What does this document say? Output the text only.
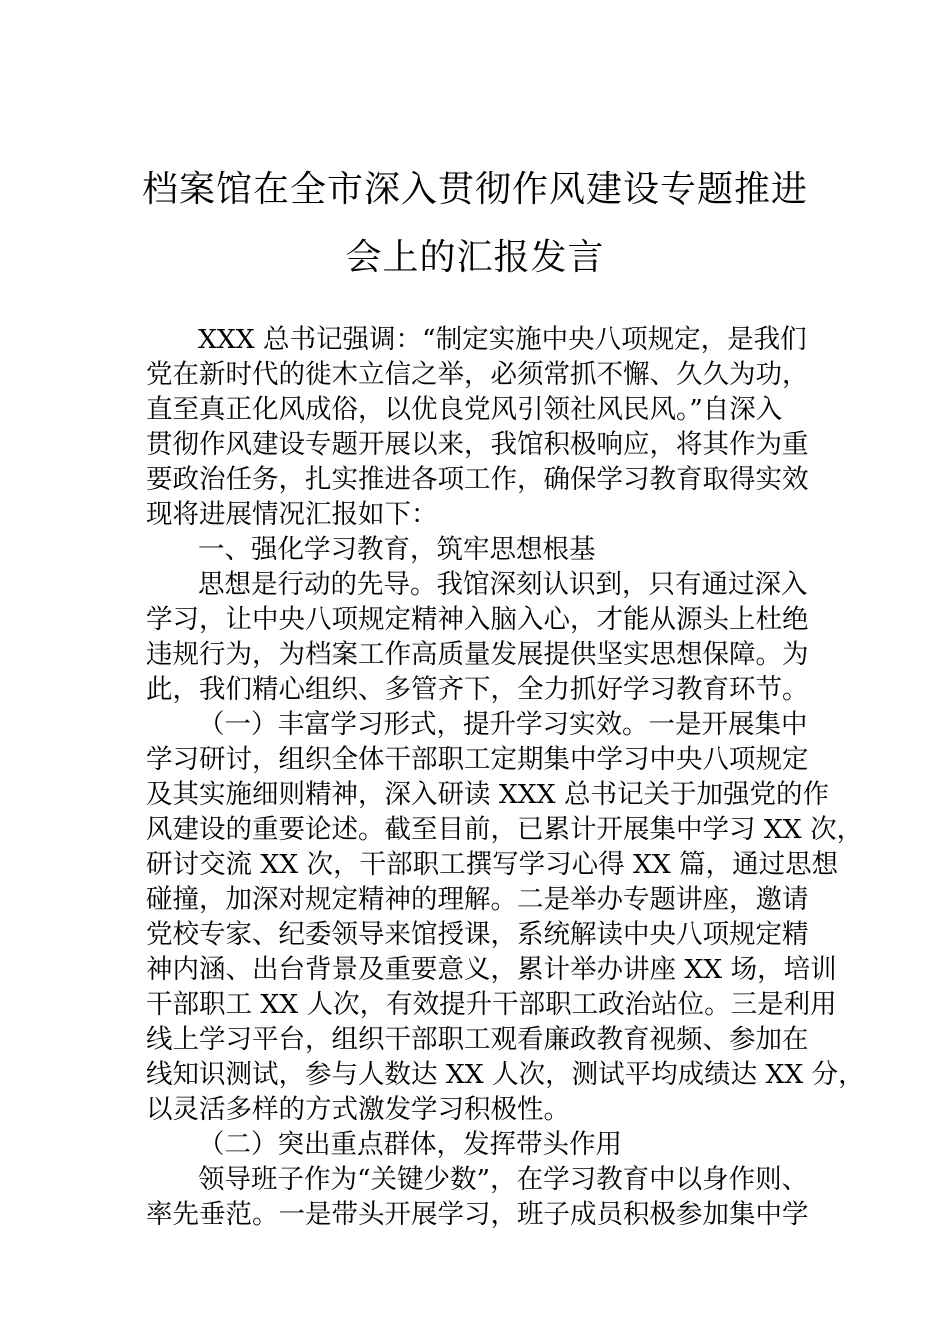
档案馆在全市深入贯彻作风建设专题推进
会上的汇报发言
XXX 总书记强调：“制定实施中央八项规定，是我们
党在新时代的徙木立信之举，必须常抓不懈、久久为功，
直至真正化风成俗，以优良党风引领社风民风。”自深入
贯彻作风建设专题开展以来，我馆积极响应，将其作为重
要政治任务，扎实推进各项工作，确保学习教育取得实效
现将进展情况汇报如下：
一、强化学习教育，筑牢思想根基
思想是行动的先导。我馆深刻认识到，只有通过深入
学习，让中央八项规定精神入脑入心，才能从源头上杜绝
违规行为，为档案工作高质量发展提供坚实思想保障。为
此，我们精心组织、多管齐下，全力抓好学习教育环节。
（一）丰富学习形式，提升学习实效。一是开展集中
学习研讨，组织全体干部职工定期集中学习中央八项规定
及其实施细则精神，深入研读 XXX 总书记关于加强党的作
风建设的重要论述。截至目前，已累计开展集中学习 XX 次，
研讨交流 XX 次，干部职工撰写学习心得 XX 篇，通过思想
碰撞，加深对规定精神的理解。二是举办专题讲座，邀请
党校专家、纪委领导来馆授课，系统解读中央八项规定精
神内涵、出台背景及重要意义，累计举办讲座 XX 场，培训
干部职工 XX 人次，有效提升干部职工政治站位。三是利用
线上学习平台，组织干部职工观看廉政教育视频、参加在
线知识测试，参与人数达 XX 人次，测试平均成绩达 XX 分，
以灵活多样的方式激发学习积极性。
（二）突出重点群体，发挥带头作用
领导班子作为“关键少数”，在学习教育中以身作则、
率先垂范。一是带头开展学习，班子成员积极参加集中学
